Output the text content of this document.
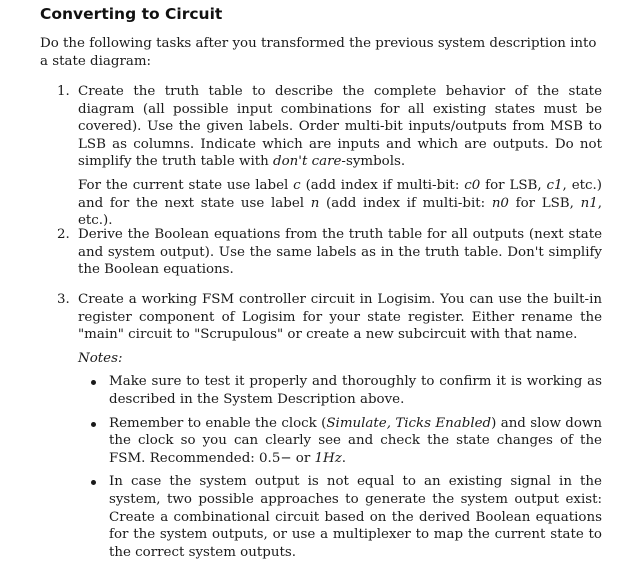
Converting to Circuit
Do the following tasks after you transformed the previous system description into a state diagram:
1. Create the truth table to describe the complete behavior of the state diagram (all possible input combinations for all existing states must be covered). Use the given labels. Order multi-bit inputs/outputs from MSB to LSB as columns. Indicate which are inputs and which are outputs. Do not simplify the truth table with don't care-symbols.

For the current state use label c (add index if multi-bit: c0 for LSB, c1, etc.) and for the next state use label n (add index if multi-bit: n0 for LSB, n1, etc.).

2. Derive the Boolean equations from the truth table for all outputs (next state and system output). Use the same labels as in the truth table. Don't simplify the Boolean equations.

3. Create a working FSM controller circuit in Logisim. You can use the built-in register component of Logisim for your state register. Either rename the "main" circuit to "Scrupulous" or create a new subcircuit with that name.

Notes:

Make sure to test it properly and thoroughly to confirm it is working as described in the System Description above.
Remember to enable the clock (Simulate, Ticks Enabled) and slow down the clock so you can clearly see and check the state changes of the FSM. Recommended: 0.5− or 1Hz.
In case the system output is not equal to an existing signal in the system, two possible approaches to generate the system output exist: Create a combinational circuit based on the derived Boolean equations for the system outputs, or use a multiplexer to map the current state to the correct system outputs.
